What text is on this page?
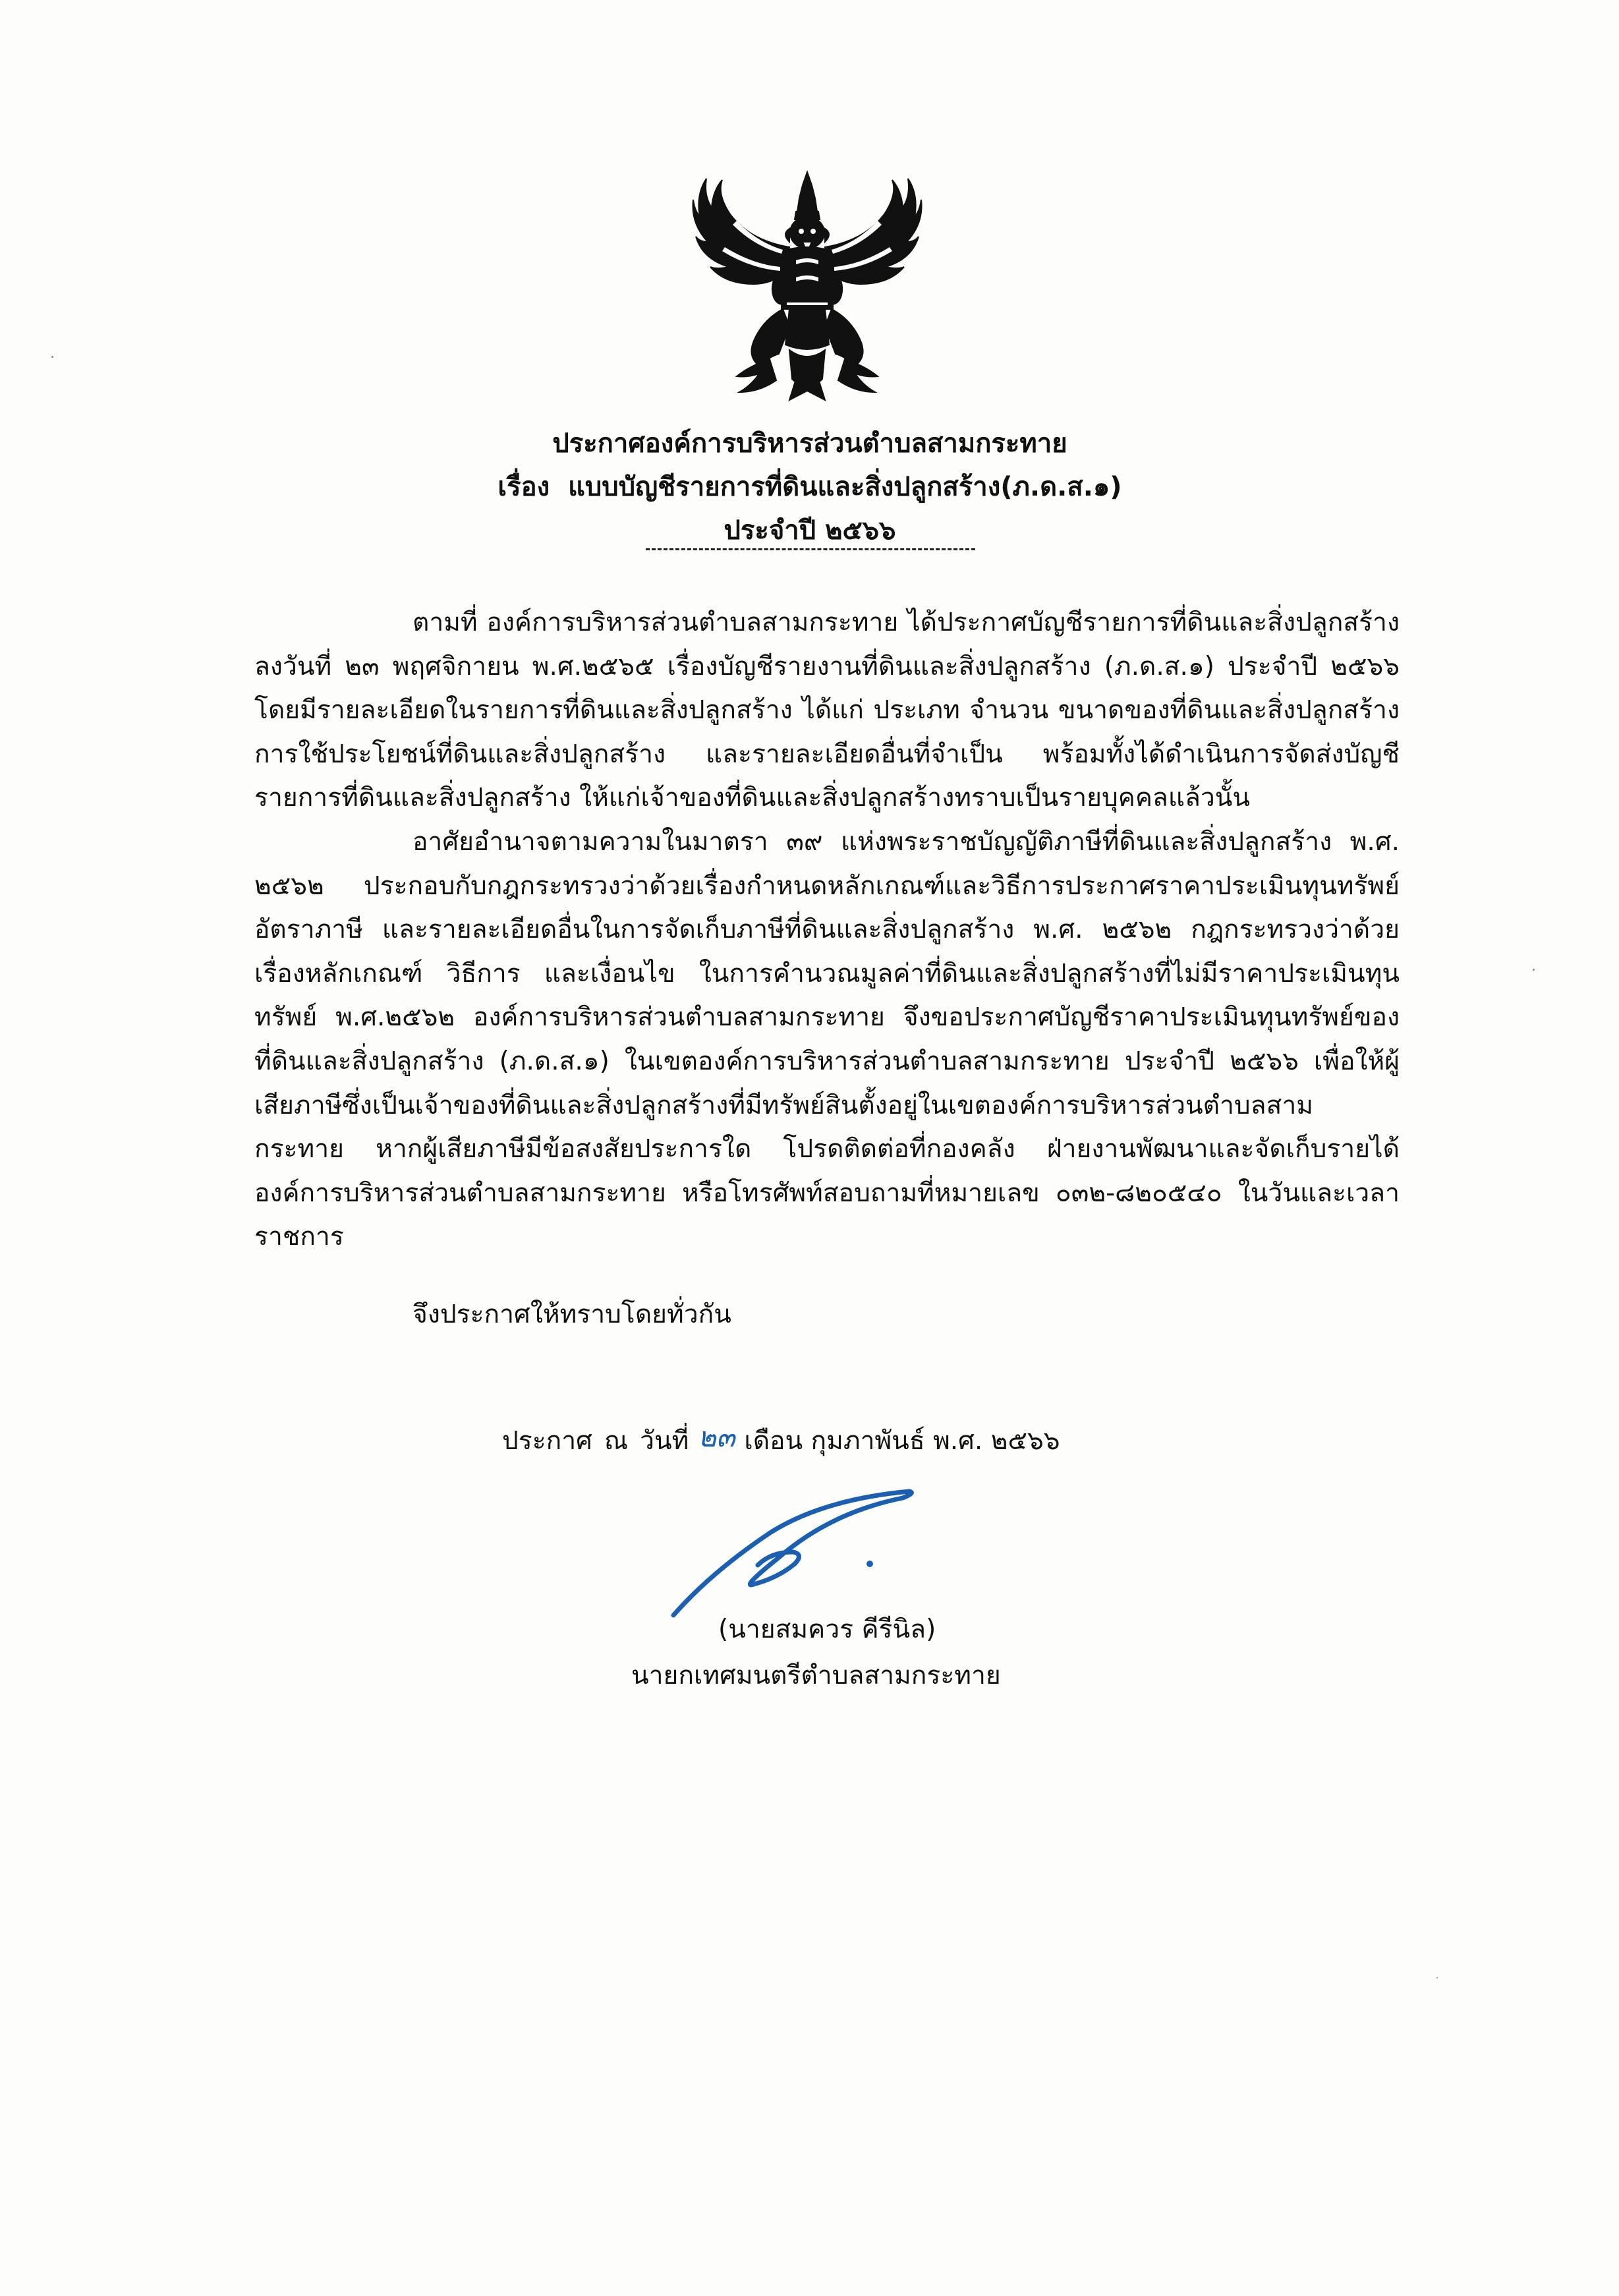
ประกาศองค์การบริหารส่วนตำบลสามกระทาย
เรื่อง แบบบัญชีรายการที่ดินและสิ่งปลูกสร้าง(ภ.ด.ส.๑)
ประจำปี ๒๕๖๖
ตามที่ องค์การบริหารส่วนตำบลสามกระทาย ได้ประกาศบัญชีรายการที่ดินและสิ่งปลูกสร้าง
ลงวันที่ ๒๓ พฤศจิกายน พ.ศ.๒๕๖๕ เรื่องบัญชีรายงานที่ดินและสิ่งปลูกสร้าง (ภ.ด.ส.๑) ประจำปี ๒๕๖๖
โดยมีรายละเอียดในรายการที่ดินและสิ่งปลูกสร้าง ได้แก่ ประเภท จำนวน ขนาดของที่ดินและสิ่งปลูกสร้าง
การใช้ประโยชน์ที่ดินและสิ่งปลูกสร้าง และรายละเอียดอื่นที่จำเป็น พร้อมทั้งได้ดำเนินการจัดส่งบัญชี
รายการที่ดินและสิ่งปลูกสร้าง ให้แก่เจ้าของที่ดินและสิ่งปลูกสร้างทราบเป็นรายบุคคลแล้วนั้น
อาศัยอำนาจตามความในมาตรา ๓๙ แห่งพระราชบัญญัติภาษีที่ดินและสิ่งปลูกสร้าง พ.ศ.
๒๕๖๒ ประกอบกับกฎกระทรวงว่าด้วยเรื่องกำหนดหลักเกณฑ์และวิธีการประกาศราคาประเมินทุนทรัพย์
อัตราภาษี และรายละเอียดอื่นในการจัดเก็บภาษีที่ดินและสิ่งปลูกสร้าง พ.ศ. ๒๕๖๒ กฎกระทรวงว่าด้วย
เรื่องหลักเกณฑ์ วิธีการ และเงื่อนไข ในการคำนวณมูลค่าที่ดินและสิ่งปลูกสร้างที่ไม่มีราคาประเมินทุน
ทรัพย์ พ.ศ.๒๕๖๒ องค์การบริหารส่วนตำบลสามกระทาย จึงขอประกาศบัญชีราคาประเมินทุนทรัพย์ของ
ที่ดินและสิ่งปลูกสร้าง (ภ.ด.ส.๑) ในเขตองค์การบริหารส่วนตำบลสามกระทาย ประจำปี ๒๕๖๖ เพื่อให้ผู้
เสียภาษีซึ่งเป็นเจ้าของที่ดินและสิ่งปลูกสร้างที่มีทรัพย์สินตั้งอยู่ในเขตองค์การบริหารส่วนตำบลสาม
กระทาย หากผู้เสียภาษีมีข้อสงสัยประการใด โปรดติดต่อที่กองคลัง ฝ่ายงานพัฒนาและจัดเก็บรายได้
องค์การบริหารส่วนตำบลสามกระทาย หรือโทรศัพท์สอบถามที่หมายเลข ๐๓๒-๘๒๐๕๔๐ ในวันและเวลา
ราชการ
จึงประกาศให้ทราบโดยทั่วกัน
ประกาศ ณ วันที่ ๒๓ เดือน กุมภาพันธ์ พ.ศ. ๒๕๖๖
(นายสมควร คีรีนิล)
นายกเทศมนตรีตำบลสามกระทาย
